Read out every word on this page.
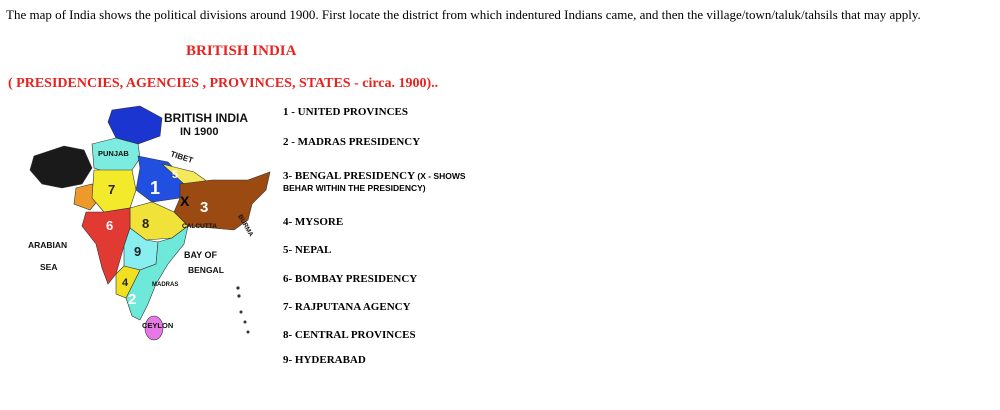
The map of India shows the political divisions around 1900. First locate the district from which indentured Indians came, and then the village/town/taluk/tahsils that may apply.
BRITISH INDIA
( PRESIDENCIES, AGENCIES , PROVINCES, STATES - circa. 1900)..
1
5
7
3
6 8
9
4
2
X
BRITISH INDIA
IN 1900
PUNJAB	TIBET
BURMA
CALCUTTA
ARABIAN
SEA
BAY OF
BENGAL
MADRAS
CEYLON
1 - UNITED PROVINCES
2 - MADRAS PRESIDENCY
3- BENGAL PRESIDENCY (X - SHOWS
BEHAR WITHIN THE PRESIDENCY)
4- MYSORE
5- NEPAL
6- BOMBAY PRESIDENCY
7- RAJPUTANA AGENCY
8- CENTRAL PROVINCES
9- HYDERABAD
